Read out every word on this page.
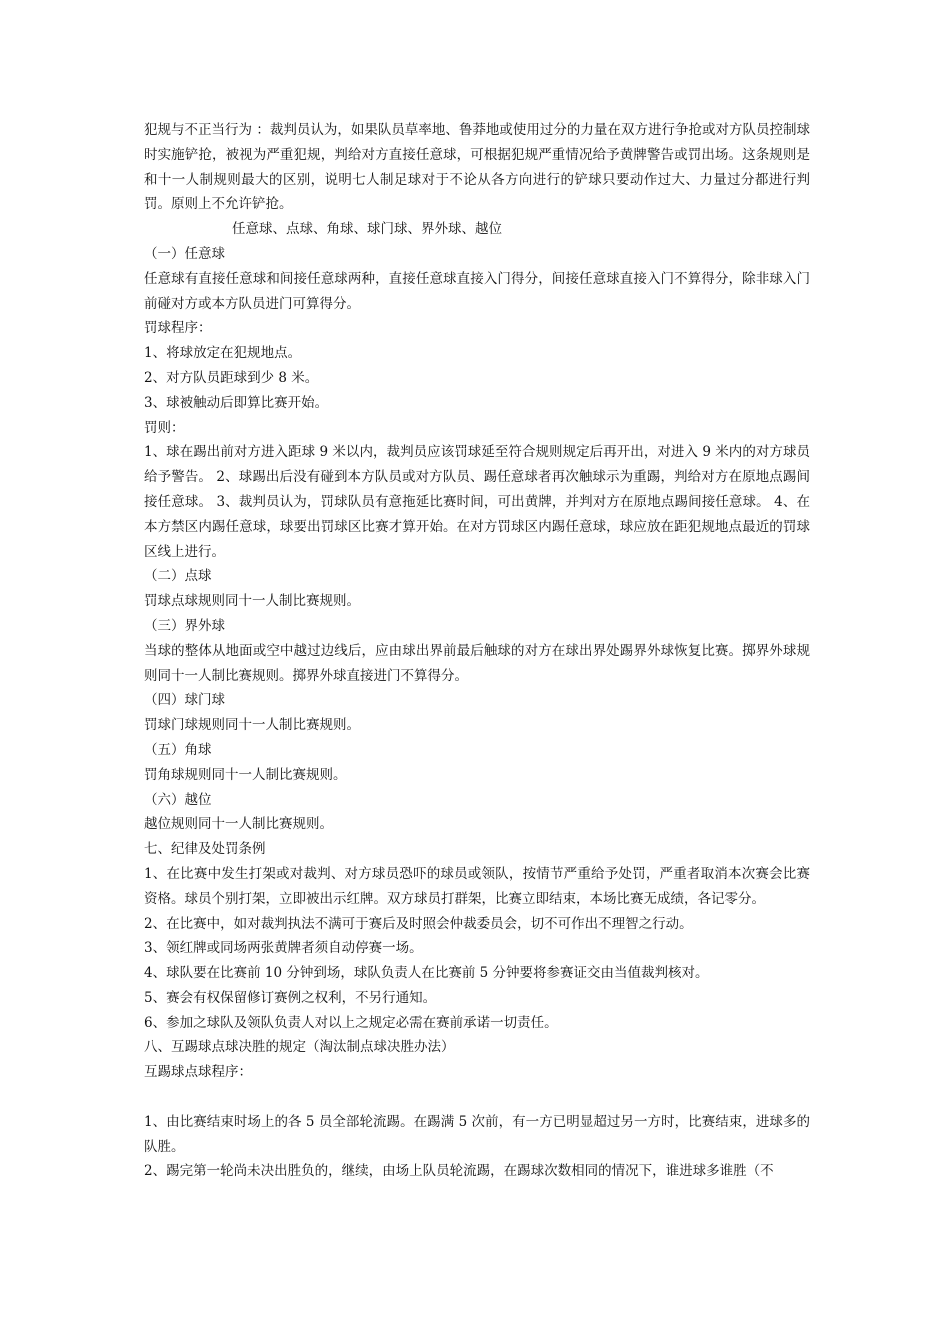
犯规与不正当行为 ：裁判员认为，如果队员草率地、鲁莽地或使用过分的力量在双方进行争抢或对方队员控制球时实施铲抢，被视为严重犯规，判给对方直接任意球，可根据犯规严重情况给予黄牌警告或罚出场。这条规则是和十一人制规则最大的区别，说明七人制足球对于不论从各方向进行的铲球只要动作过大、力量过分都进行判罚。原则上不允许铲抢。

任意球、点球、角球、球门球、界外球、越位

（一）任意球

任意球有直接任意球和间接任意球两种，直接任意球直接入门得分，间接任意球直接入门不算得分，除非球入门前碰对方或本方队员进门可算得分。

罚球程序：

1、将球放定在犯规地点。

2、对方队员距球到少 8 米。

3、球被触动后即算比赛开始。

罚则：

1、球在踢出前对方进入距球 9 米以内，裁判员应该罚球延至符合规则规定后再开出，对进入 9 米内的对方球员给予警告。 2、球踢出后没有碰到本方队员或对方队员、踢任意球者再次触球示为重踢，判给对方在原地点踢间接任意球。 3、裁判员认为，罚球队员有意拖延比赛时间，可出黄牌，并判对方在原地点踢间接任意球。 4、在本方禁区内踢任意球，球要出罚球区比赛才算开始。在对方罚球区内踢任意球，球应放在距犯规地点最近的罚球区线上进行。

（二）点球

罚球点球规则同十一人制比赛规则。

（三）界外球

当球的整体从地面或空中越过边线后，应由球出界前最后触球的对方在球出界处踢界外球恢复比赛。掷界外球规则同十一人制比赛规则。掷界外球直接进门不算得分。

（四）球门球

罚球门球规则同十一人制比赛规则。

（五）角球

罚角球规则同十一人制比赛规则。

（六）越位

越位规则同十一人制比赛规则。

七、纪律及处罚条例

1、在比赛中发生打架或对裁判、对方球员恐吓的球员或领队，按情节严重给予处罚，严重者取消本次赛会比赛资格。球员个别打架，立即被出示红牌。双方球员打群架，比赛立即结束，本场比赛无成绩，各记零分。

2、在比赛中，如对裁判执法不满可于赛后及时照会仲裁委员会，切不可作出不理智之行动。

3、领红牌或同场两张黄牌者须自动停赛一场。

4、球队要在比赛前 10 分钟到场，球队负责人在比赛前 5 分钟要将参赛证交由当值裁判核对。

5、赛会有权保留修订赛例之权利，不另行通知。

6、参加之球队及领队负责人对以上之规定必需在赛前承诺一切责任。

八、互踢球点球决胜的规定（淘汰制点球决胜办法）

互踢球点球程序：

1、由比赛结束时场上的各 5 员全部轮流踢。在踢满 5 次前，有一方已明显超过另一方时，比赛结束，进球多的队胜。

2、踢完第一轮尚未决出胜负的，继续，由场上队员轮流踢，在踢球次数相同的情况下，谁进球多谁胜（不
